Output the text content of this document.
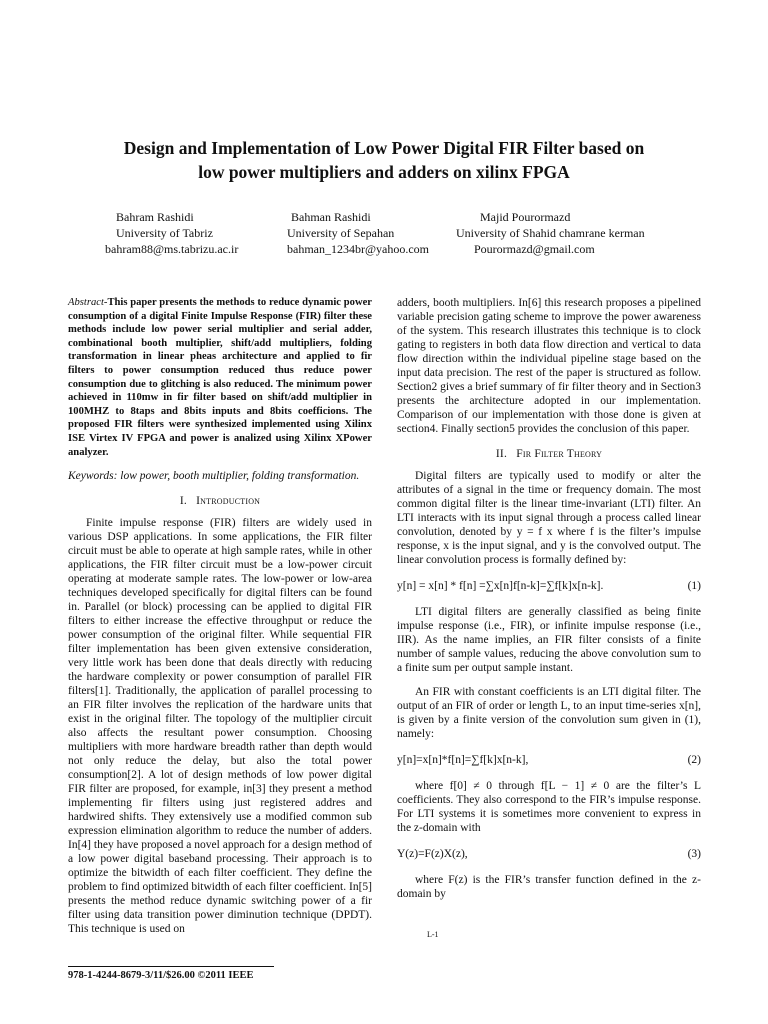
Design and Implementation of Low Power Digital FIR Filter based on
low power multipliers and adders on xilinx FPGA
Bahram Rashidi
University of Tabriz
bahram88@ms.tabrizu.ac.ir
Bahman Rashidi
University of Sepahan
bahman_1234br@yahoo.com
Majid Pourormazd
University of Shahid chamrane kerman
Pourormazd@gmail.com

Abstract-This paper presents the methods to reduce dynamic power consumption of a digital Finite Impulse Response (FIR) filter these methods include low power serial multiplier and serial adder, combinational booth multiplier, shift/add multipliers, folding transformation in linear pheas architecture and applied to fir filters to power consumption reduced thus reduce power consumption due to glitching is also reduced. The minimum power achieved in 110mw in fir filter based on shift/add multiplier in 100MHZ to 8taps and 8bits inputs and 8bits coefficions. The proposed FIR filters were synthesized implemented using Xilinx ISE Virtex IV FPGA and power is analized using Xilinx XPower analyzer.

Keywords: low power, booth multiplier, folding transformation.

I. Introduction

Finite impulse response (FIR) filters are widely used in various DSP applications. In some applications, the FIR filter circuit must be able to operate at high sample rates, while in other applications, the FIR filter circuit must be a low-power circuit operating at moderate sample rates. The low-power or low-area techniques developed specifically for digital filters can be found in. Parallel (or block) processing can be applied to digital FIR filters to either increase the effective throughput or reduce the power consumption of the original filter. While sequential FIR filter implementation has been given extensive consideration, very little work has been done that deals directly with reducing the hardware complexity or power consumption of parallel FIR filters[1]. Traditionally, the application of parallel processing to an FIR filter involves the replication of the hardware units that exist in the original filter. The topology of the multiplier circuit also affects the resultant power consumption. Choosing multipliers with more hardware breadth rather than depth would not only reduce the delay, but also the total power consumption[2]. A lot of design methods of low power digital FIR filter are proposed, for example, in[3] they present a method implementing fir filters using just registered addres and hardwired shifts. They extensively use a modified common sub expression elimination algorithm to reduce the number of adders. In[4] they have proposed a novel approach for a design method of a low power digital baseband processing. Their approach is to optimize the bitwidth of each filter coefficient. They define the problem to find optimized bitwidth of each filter coefficient. In[5] presents the method reduce dynamic switching power of a fir filter using data transition power diminution technique (DPDT). This technique is used on

adders, booth multipliers. In[6] this research proposes a pipelined variable precision gating scheme to improve the power awareness of the system. This research illustrates this technique is to clock gating to registers in both data flow direction and vertical to data flow direction within the individual pipeline stage based on the input data precision. The rest of the paper is structured as follow. Section2 gives a brief summary of fir filter theory and in Section3 presents the architecture adopted in our implementation. Comparison of our implementation with those done is given at section4. Finally section5 provides the conclusion of this paper.

II. Fir Filter Theory

Digital filters are typically used to modify or alter the attributes of a signal in the time or frequency domain. The most common digital filter is the linear time-invariant (LTI) filter. An LTI interacts with its input signal through a process called linear convolution, denoted by y = f x where f is the filter’s impulse response, x is the input signal, and y is the convolved output. The linear convolution process is formally defined by:

y[n] = x[n] * f[n] =∑x[n]f[n-k]=∑f[k]x[n-k].	(1)

LTI digital filters are generally classified as being finite impulse response (i.e., FIR), or infinite impulse response (i.e., IIR). As the name implies, an FIR filter consists of a finite number of sample values, reducing the above convolution sum to a finite sum per output sample instant.

An FIR with constant coefficients is an LTI digital filter. The output of an FIR of order or length L, to an input time-series x[n], is given by a finite version of the convolution sum given in (1), namely:

y[n]=x[n]*f[n]=∑f[k]x[n-k],	(2)

where f[0] ≠ 0 through f[L − 1] ≠ 0 are the filter’s L coefficients. They also correspond to the FIR’s impulse response. For LTI systems it is sometimes more convenient to express in the z-domain with

Y(z)=F(z)X(z),	(3)

where F(z) is the FIR’s transfer function defined in the z-domain by

L-1
978-1-4244-8679-3/11/$26.00 ©2011 IEEE
